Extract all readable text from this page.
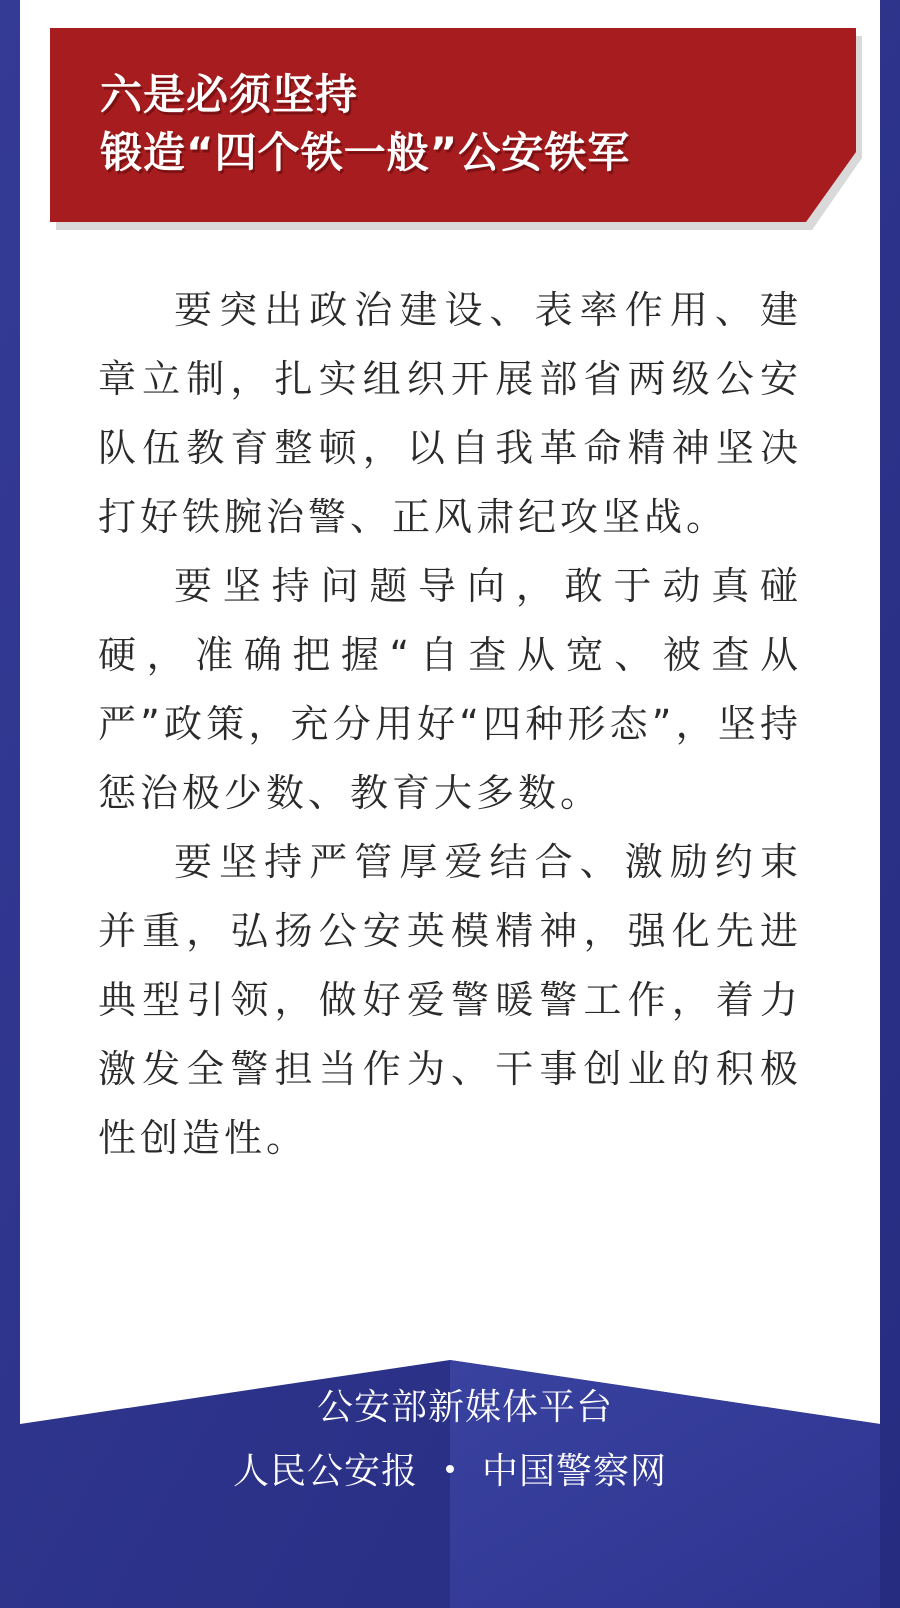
六是必须坚持
锻造“四个铁一般”公安铁军

要突出政治建设、表率作用、建章立制，扎实组织开展部省两级公安队伍教育整顿，以自我革命精神坚决打好铁腕治警、正风肃纪攻坚战。

要坚持问题导向，敢于动真碰硬，准确把握“自查从宽、被查从严”政策，充分用好“四种形态”，坚持惩治极少数、教育大多数。

要坚持严管厚爱结合、激励约束并重，弘扬公安英模精神，强化先进典型引领，做好爱警暖警工作，着力激发全警担当作为、干事创业的积极性创造性。

公安部新媒体平台
人民公安报 中国警察网
